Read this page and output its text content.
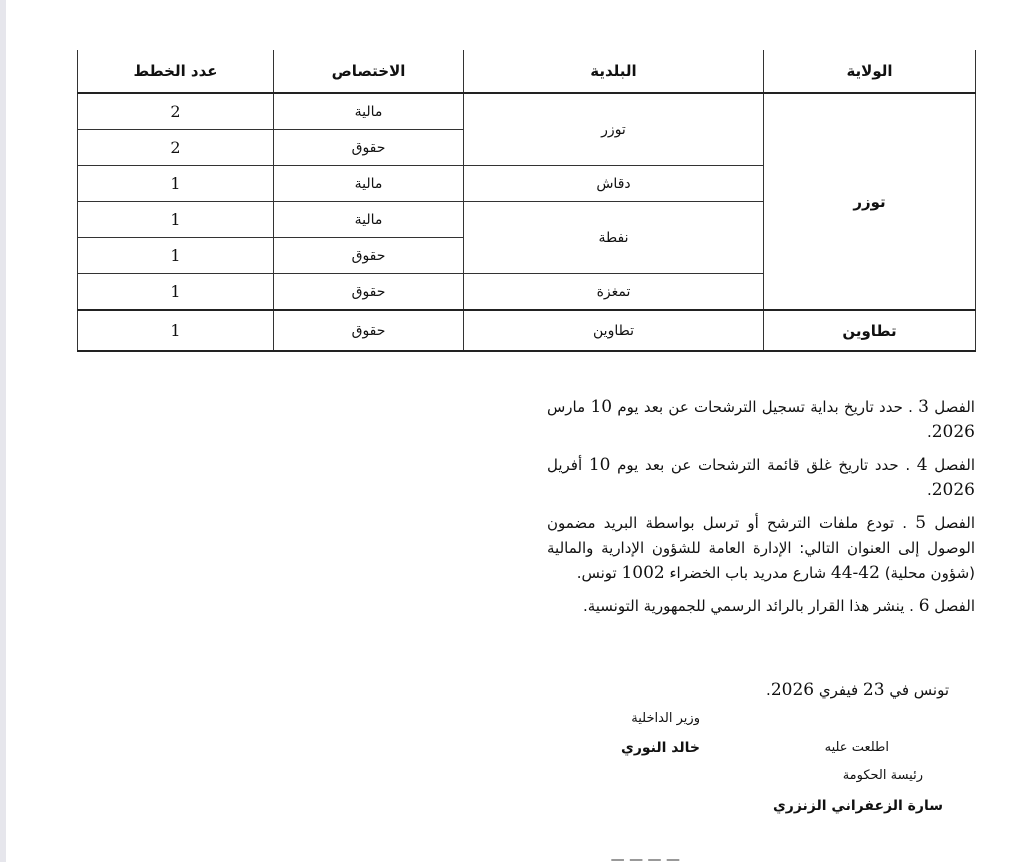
الولاية	البلدية	الاختصاص	عدد الخطط
توزر	توزر	مالية	2
		حقوق	2
	دقاش	مالية	1
	نفطة	مالية	1
		حقوق	1
	تمغزة	حقوق	1
تطاوين	تطاوين	حقوق	1

الفصل 3 . حدد تاريخ بداية تسجيل الترشحات عن بعد يوم 10 مارس 2026.

الفصل 4 . حدد تاريخ غلق قائمة الترشحات عن بعد يوم 10 أفريل 2026.

الفصل 5 . تودع ملفات الترشح أو ترسل بواسطة البريد مضمون الوصول إلى العنوان التالي: الإدارة العامة للشؤون الإدارية والمالية (شؤون محلية) 42-44 شارع مدريد باب الخضراء 1002 تونس.

الفصل 6 . ينشر هذا القرار بالرائد الرسمي للجمهورية التونسية.

تونس في 23 فيفري 2026.
وزير الداخلية
خالد النوري	اطلعت عليه
رئيسة الحكومة
سارة الزعفراني الزنزري
— — — —
